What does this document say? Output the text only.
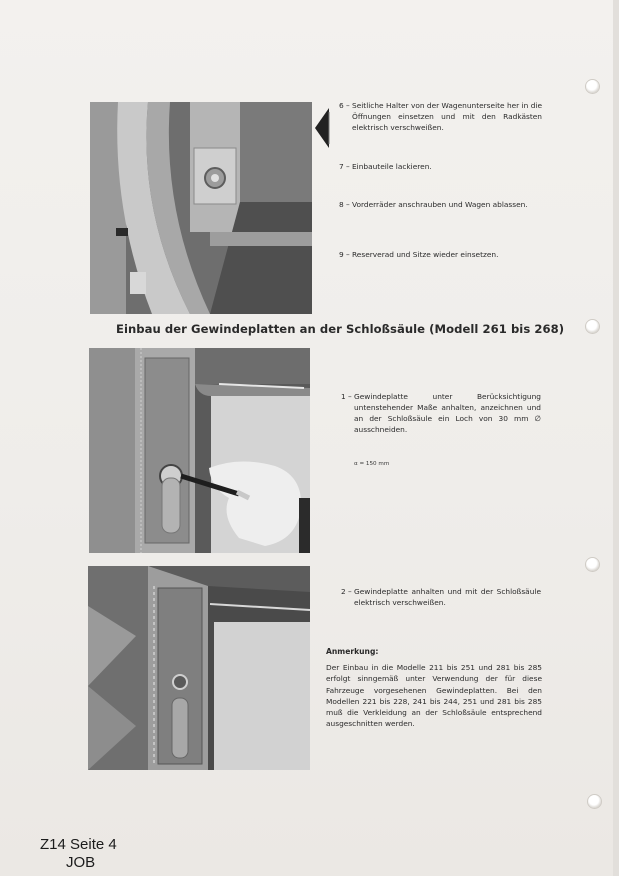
6 – Seitliche Halter von der Wagenunterseite her in die Öffnungen einsetzen und mit den Radkästen elektrisch verschweißen.
7 – Einbauteile lackieren.
8 – Vorderräder anschrauben und Wagen ablassen.
9 – Reserverad und Sitze wieder einsetzen.
Einbau der Gewindeplatten an der Schloßsäule (Modell 261 bis 268)
1 – Gewindeplatte unter Berücksichtigung untenstehender Maße anhalten, anzeichnen und an der Schloßsäule ein Loch von 30 mm ∅ ausschneiden.
α = 150 mm
2 – Gewindeplatte anhalten und mit der Schloßsäule elektrisch verschweißen.
Anmerkung:
Der Einbau in die Modelle 211 bis 251 und 281 bis 285 erfolgt sinngemäß unter Verwendung der für diese Fahrzeuge vorgesehenen Gewindeplatten. Bei den Modellen 221 bis 228, 241 bis 244, 251 und 281 bis 285 muß die Verkleidung an der Schloßsäule entsprechend ausgeschnitten werden.
Z14 Seite 4
JOB
